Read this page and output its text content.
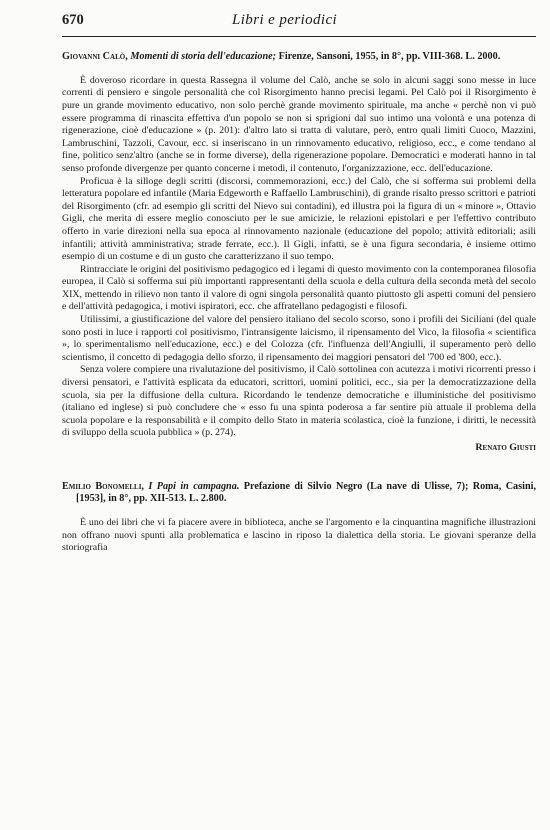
670	Libri e periodici

Giovanni Calò, Momenti di storia dell'educazione; Firenze, Sansoni, 1955, in 8°, pp. VIII-368. L. 2000.

È doveroso ricordare in questa Rassegna il volume del Calò, anche se solo in alcuni saggi sono messe in luce correnti di pensiero e singole personalità che col Risorgimento hanno precisi legami. Pel Calò poi il Risorgimento è pure un grande movimento educativo, non solo perchè grande movimento spirituale, ma anche « perchè non vi può essere programma di rinascita effettiva d'un popolo se non si sprigioni dal suo intimo una volontà e una potenza di rigenerazione, cioè d'educazione » (p. 201): d'altro lato si tratta di valutare, però, entro quali limiti Cuoco, Mazzini, Lambruschini, Tazzoli, Cavour, ecc. si inseriscano in un rinnovamento educativo, religioso, ecc., e come tendano al fine, politico senz'altro (anche se in forme diverse), della rigenerazione popolare. Democratici e moderati hanno in tal senso profonde divergenze per quanto concerne i metodi, il contenuto, l'organizzazione, ecc. dell'educazione.

Proficua è la silloge degli scritti (discorsi, commemorazioni, ecc.) del Calò, che si sofferma sui problemi della letteratura popolare ed infantile (Maria Edgeworth e Raffaello Lambruschini), di grande risalto presso scrittori e patrioti del Risorgimento (cfr. ad esempio gli scritti del Nievo sui contadini), ed illustra poi la figura di un « minore », Ottavio Gigli, che merita di essere meglio conosciuto per le sue amicizie, le relazioni epistolari e per l'effettivo contributo offerto in varie direzioni nella sua epoca al rinnovamento nazionale (educazione del popolo; attività editoriali; asili infantili; attività amministrativa; strade ferrate, ecc.). Il Gigli, infatti, se è una figura secondaria, è insieme ottimo esempio di un costume e di un gusto che caratterizzano il suo tempo.

Rintracciate le origini del positivismo pedagogico ed i legami di questo movimento con la contemporanea filosofia europea, il Calò si sofferma sui più importanti rappresentanti della scuola e della cultura della seconda metà del secolo XIX, mettendo in rilievo non tanto il valore di ogni singola personalità quanto piuttosto gli aspetti comuni del pensiero e dell'attività pedagogica, i motivi ispiratori, ecc. che affratellano pedagogisti e filosofi.

Utilissimi, a giustificazione del valore del pensiero italiano del secolo scorso, sono i profili dei Siciliani (del quale sono posti in luce i rapporti col positivismo, l'intransigente laicismo, il ripensamento del Vico, la filosofia « scientifica », lo sperimentalismo nell'educazione, ecc.) e del Colozza (cfr. l'influenza dell'Angiulli, il superamento però dello scientismo, il concetto di pedagogia dello sforzo, il ripensamento dei maggiori pensatori del '700 ed '800, ecc.).

Senza volere compiere una rivalutazione del positivismo, il Calò sottolinea con acutezza i motivi ricorrenti presso i diversi pensatori, e l'attività esplicata da educatori, scrittori, uomini politici, ecc., sia per la democratizzazione della scuola, sia per la diffusione della cultura. Ricordando le tendenze democratiche e illuministiche del positivismo (italiano ed inglese) si può concludere che « esso fu una spinta poderosa a far sentire più attuale il problema della scuola popolare e la responsabilità e il compito dello Stato in materia scolastica, cioè la funzione, i diritti, le necessità di sviluppo della scuola pubblica » (p. 274).

Renato Giusti

Emilio Bonomelli, I Papi in campagna. Prefazione di Silvio Negro (La nave di Ulisse, 7); Roma, Casini, [1953], in 8°, pp. XII-513. L. 2.800.

È uno dei libri che vi fa piacere avere in biblioteca, anche se l'argomento e la cinquantina magnifiche illustrazioni non offrano nuovi spunti alla problematica e lascino in riposo la dialettica della storia. Le giovani speranze della storiografia
